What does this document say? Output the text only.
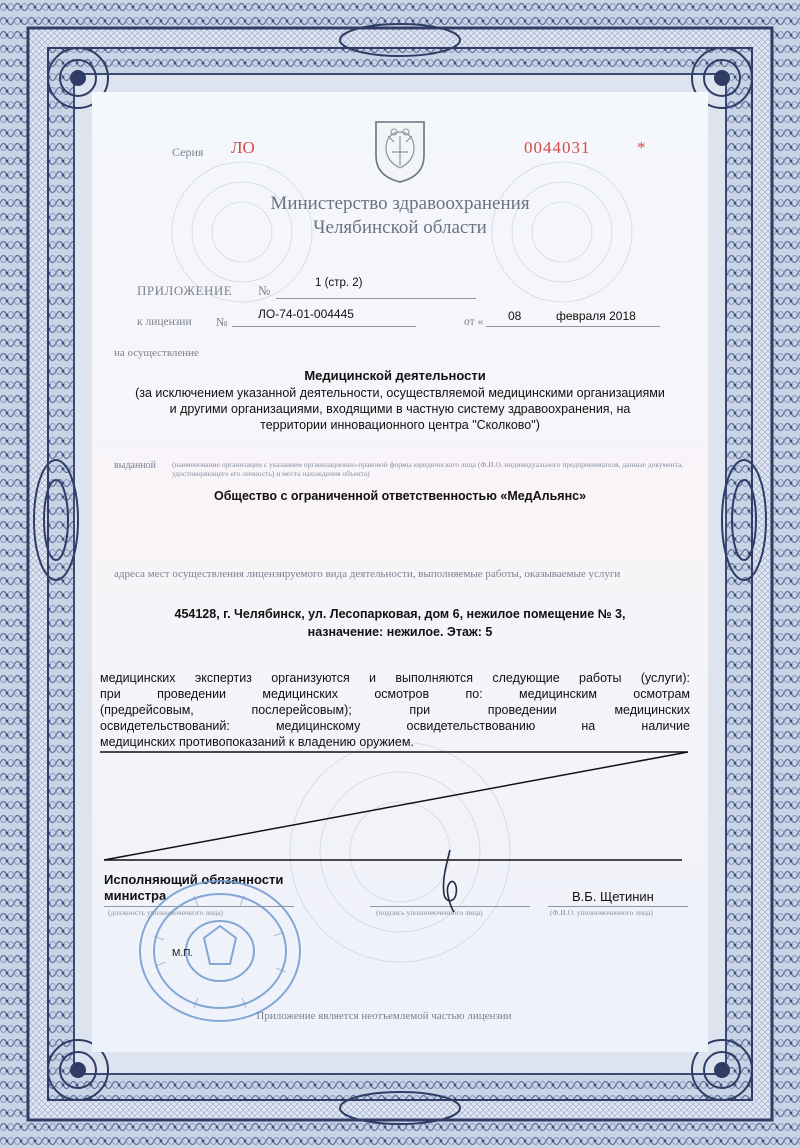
Серия ЛО	0044031	*
Министерство здравоохранения
Челябинской области
ПРИЛОЖЕНИЕ №	1 (стр. 2)
к лицензии №
ЛО-74-01-004445
от « 08	февраля 2018
на осуществление
Медицинской деятельности
(за исключением указанной деятельности, осуществляемой медицинскими организациями
и другими организациями, входящими в частную систему здравоохранения, на
территории инновационного центра "Сколково")
выданной (наименование организации с указанием организационно-правовой формы юридического лица (Ф.И.О. индивидуального предпринимателя, данные документа, удостоверяющего его личность) и места нахождения объекта)
Общество с ограниченной ответственностью «МедАльянс»
адреса мест осуществления лицензируемого вида деятельности, выполняемые работы, оказываемые услуги
454128, г. Челябинск, ул. Лесопарковая, дом 6, нежилое помещение № 3,
назначение: нежилое. Этаж: 5
медицинских экспертиз организуются и выполняются следующие работы (услуги):
при проведении медицинских осмотров по: медицинским осмотрам
(предрейсовым, послерейсовым); при проведении медицинских
освидетельствований: медицинскому освидетельствованию на наличие
медицинских противопоказаний к владению оружием.
Исполняющий обязанности
министра	В.Б. Щетинин
(должность уполномоченного лица)	(подпись уполномоченного лица)	(Ф.И.О. уполномоченного лица)
М.П.
Приложение является неотъемлемой частью лицензии
